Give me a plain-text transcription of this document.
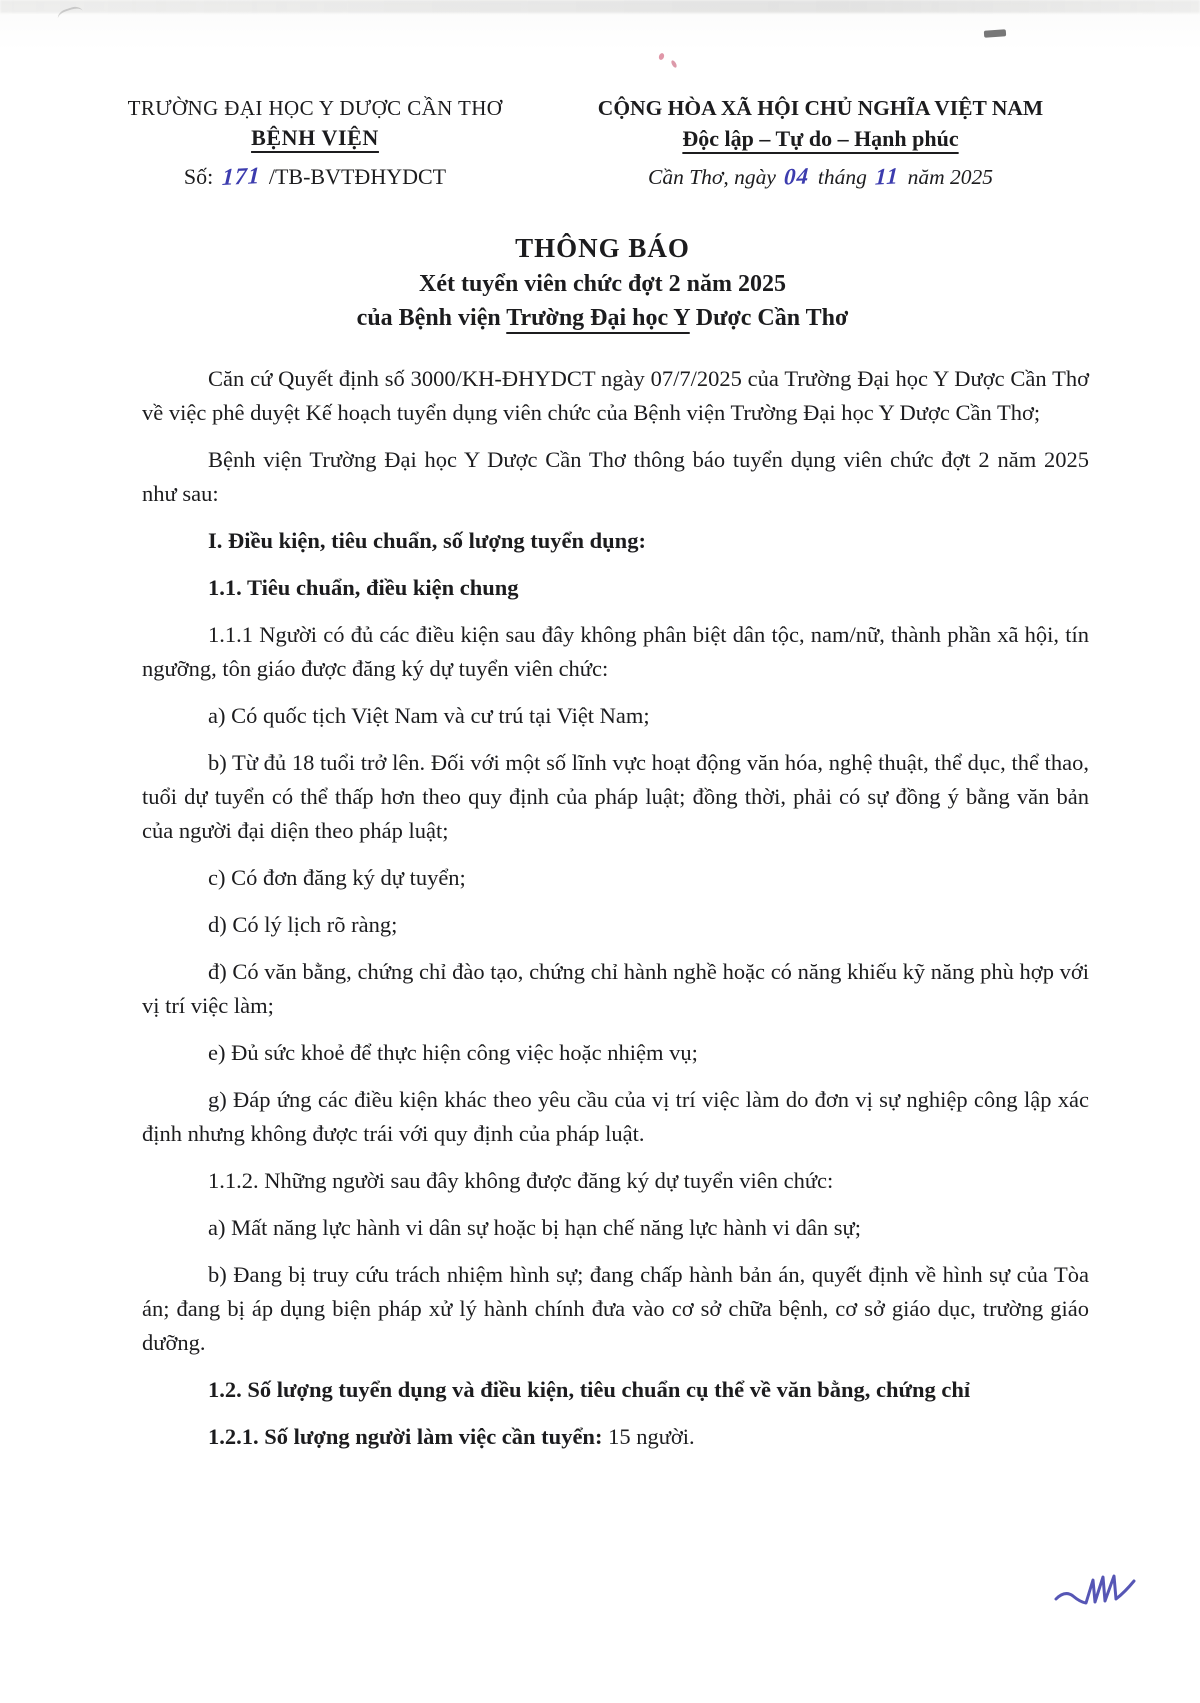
TRƯỜNG ĐẠI HỌC Y DƯỢC CẦN THƠ
BỆNH VIỆN
Số: 171 /TB-BVTĐHYDCT
CỘNG HÒA XÃ HỘI CHỦ NGHĨA VIỆT NAM
Độc lập – Tự do – Hạnh phúc
Cần Thơ, ngày 04 tháng 11 năm 2025
THÔNG BÁO
Xét tuyển viên chức đợt 2 năm 2025
của Bệnh viện Trường Đại học Y Dược Cần Thơ

Căn cứ Quyết định số 3000/KH-ĐHYDCT ngày 07/7/2025 của Trường Đại học Y Dược Cần Thơ về việc phê duyệt Kế hoạch tuyển dụng viên chức của Bệnh viện Trường Đại học Y Dược Cần Thơ;

Bệnh viện Trường Đại học Y Dược Cần Thơ thông báo tuyển dụng viên chức đợt 2 năm 2025 như sau:

I. Điều kiện, tiêu chuẩn, số lượng tuyển dụng:

1.1. Tiêu chuẩn, điều kiện chung

1.1.1 Người có đủ các điều kiện sau đây không phân biệt dân tộc, nam/nữ, thành phần xã hội, tín ngưỡng, tôn giáo được đăng ký dự tuyển viên chức:

a) Có quốc tịch Việt Nam và cư trú tại Việt Nam;

b) Từ đủ 18 tuổi trở lên. Đối với một số lĩnh vực hoạt động văn hóa, nghệ thuật, thể dục, thể thao, tuổi dự tuyển có thể thấp hơn theo quy định của pháp luật; đồng thời, phải có sự đồng ý bằng văn bản của người đại diện theo pháp luật;

c) Có đơn đăng ký dự tuyển;

d) Có lý lịch rõ ràng;

đ) Có văn bằng, chứng chỉ đào tạo, chứng chỉ hành nghề hoặc có năng khiếu kỹ năng phù hợp với vị trí việc làm;

e) Đủ sức khoẻ để thực hiện công việc hoặc nhiệm vụ;

g) Đáp ứng các điều kiện khác theo yêu cầu của vị trí việc làm do đơn vị sự nghiệp công lập xác định nhưng không được trái với quy định của pháp luật.

1.1.2. Những người sau đây không được đăng ký dự tuyển viên chức:

a) Mất năng lực hành vi dân sự hoặc bị hạn chế năng lực hành vi dân sự;

b) Đang bị truy cứu trách nhiệm hình sự; đang chấp hành bản án, quyết định về hình sự của Tòa án; đang bị áp dụng biện pháp xử lý hành chính đưa vào cơ sở chữa bệnh, cơ sở giáo dục, trường giáo dưỡng.

1.2. Số lượng tuyển dụng và điều kiện, tiêu chuẩn cụ thể về văn bằng, chứng chỉ

1.2.1. Số lượng người làm việc cần tuyển: 15 người.
